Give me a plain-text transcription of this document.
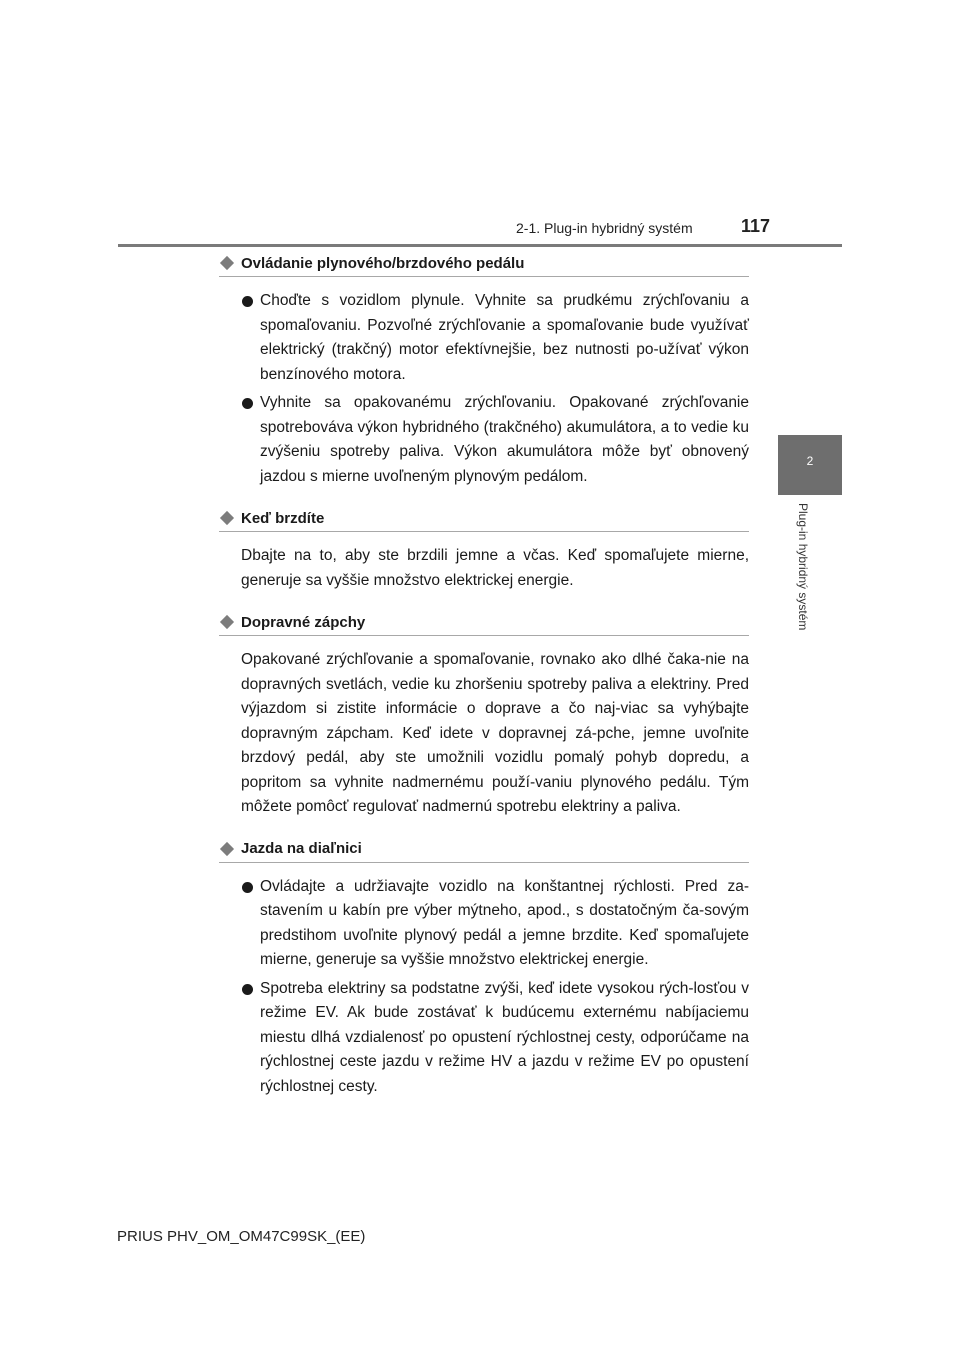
2-1. Plug-in hybridný systém	117
2
Plug-in hybridný systém
Ovládanie plynového/brzdového pedálu
Choďte s vozidlom plynule. Vyhnite sa prudkému zrýchľovaniu a spomaľovaniu. Pozvoľné zrýchľovanie a spomaľovanie bude využívať elektrický (trakčný) motor efektívnejšie, bez nutnosti po-užívať výkon benzínového motora.
Vyhnite sa opakovanému zrýchľovaniu. Opakované zrýchľovanie spotrebováva výkon hybridného (trakčného) akumulátora, a to vedie ku zvýšeniu spotreby paliva. Výkon akumulátora môže byť obnovený jazdou s mierne uvoľneným plynovým pedálom.
Keď brzdíte
Dbajte na to, aby ste brzdili jemne a včas. Keď spomaľujete mierne, generuje sa vyššie množstvo elektrickej energie.
Dopravné zápchy
Opakované zrýchľovanie a spomaľovanie, rovnako ako dlhé čaka-nie na dopravných svetlách, vedie ku zhoršeniu spotreby paliva a elektriny. Pred výjazdom si zistite informácie o doprave a čo naj-viac sa vyhýbajte dopravným zápcham. Keď idete v dopravnej zá-pche, jemne uvoľnite brzdový pedál, aby ste umožnili vozidlu pomalý pohyb dopredu, a popritom sa vyhnite nadmernému použí-vaniu plynového pedálu. Tým môžete pomôcť regulovať nadmernú spotrebu elektriny a paliva.
Jazda na diaľnici
Ovládajte a udržiavajte vozidlo na konštantnej rýchlosti. Pred za-stavením u kabín pre výber mýtneho, apod., s dostatočným ča-sovým predstihom uvoľnite plynový pedál a jemne brzdite. Keď spomaľujete mierne, generuje sa vyššie množstvo elektrickej energie.
Spotreba elektriny sa podstatne zvýši, keď idete vysokou rých-losťou v režime EV. Ak bude zostávať k budúcemu externému nabíjaciemu miestu dlhá vzdialenosť po opustení rýchlostnej cesty, odporúčame na rýchlostnej ceste jazdu v režime HV a jazdu v režime EV po opustení rýchlostnej cesty.
PRIUS PHV_OM_OM47C99SK_(EE)
